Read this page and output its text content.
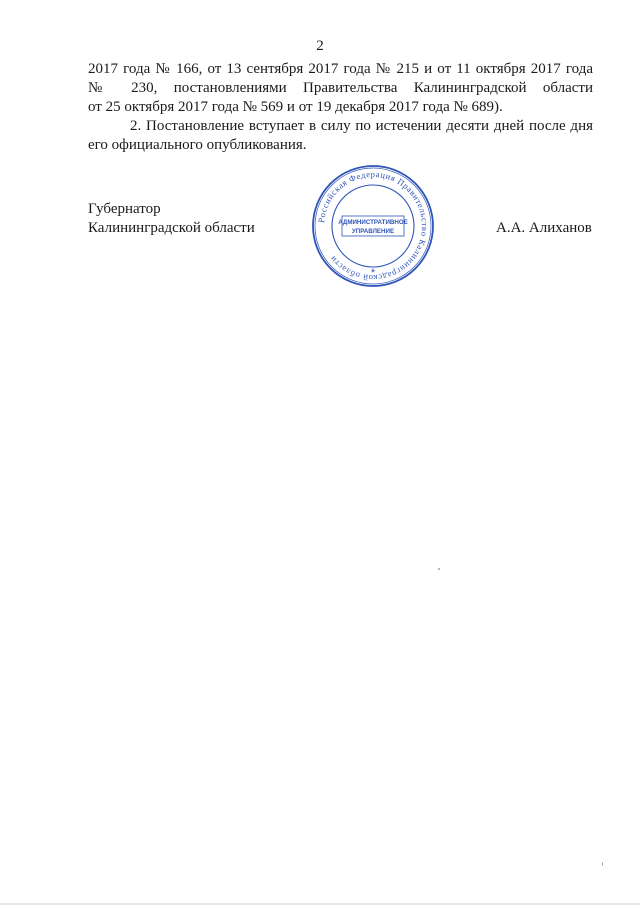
2

2017 года № 166, от 13 сентября 2017 года № 215 и от 11 октября 2017 года
№ 230, постановлениями Правительства Калининградской области
от 25 октября 2017 года № 569 и от 19 декабря 2017 года № 689).

2. Постановление вступает в силу по истечении десяти дней после дня
его официального опубликования.

Губернатор
Калининградской области	Российская Федерация Правительство Калининградской области
АДМИНИСТРАТИВНОЕ
УПРАВЛЕНИЕ
*
А.А. Алиханов
